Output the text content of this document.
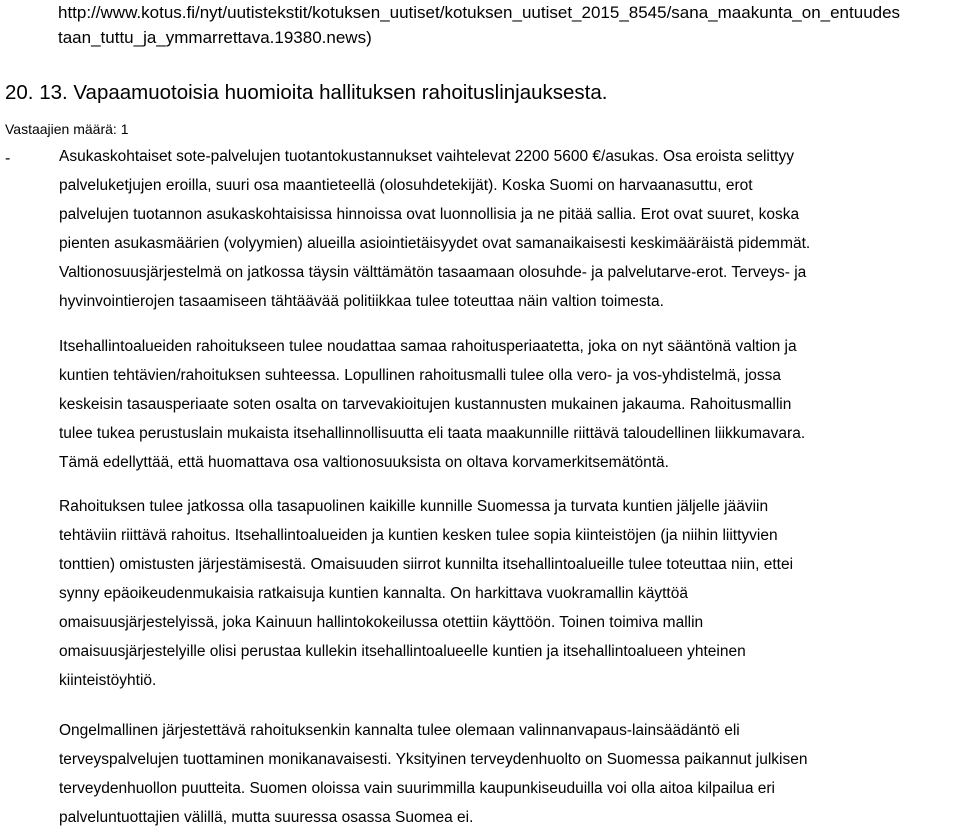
http://www.kotus.fi/nyt/uutistekstit/kotuksen_uutiset/kotuksen_uutiset_2015_8545/sana_maakunta_on_entuudes
taan_tuttu_ja_ymmarrettava.19380.news)
20. 13. Vapaamuotoisia huomioita hallituksen rahoituslinjauksesta.
Vastaajien määrä: 1
-	Asukaskohtaiset sote-palvelujen tuotantokustannukset vaihtelevat 2200 5600 €/asukas. Osa eroista selittyy
palveluketjujen eroilla, suuri osa maantieteellä (olosuhdetekijät). Koska Suomi on harvaanasuttu, erot
palvelujen tuotannon asukaskohtaisissa hinnoissa ovat luonnollisia ja ne pitää sallia. Erot ovat suuret, koska
pienten asukasmäärien (volyymien) alueilla asiointietäisyydet ovat samanaikaisesti keskimääräistä pidemmät.
Valtionosuusjärjestelmä on jatkossa täysin välttämätön tasaamaan olosuhde- ja palvelutarve-erot. Terveys- ja
hyvinvointierojen tasaamiseen tähtäävää politiikkaa tulee toteuttaa näin valtion toimesta.
Itsehallintoalueiden rahoitukseen tulee noudattaa samaa rahoitusperiaatetta, joka on nyt sääntönä valtion ja
kuntien tehtävien/rahoituksen suhteessa. Lopullinen rahoitusmalli tulee olla vero- ja vos-yhdistelmä, jossa
keskeisin tasausperiaate soten osalta on tarvevakioitujen kustannusten mukainen jakauma. Rahoitusmallin
tulee tukea perustuslain mukaista itsehallinnollisuutta eli taata maakunnille riittävä taloudellinen liikkumavara.
Tämä edellyttää, että huomattava osa valtionosuuksista on oltava korvamerkitsemätöntä.
Rahoituksen tulee jatkossa olla tasapuolinen kaikille kunnille Suomessa ja turvata kuntien jäljelle jääviin
tehtäviin riittävä rahoitus. Itsehallintoalueiden ja kuntien kesken tulee sopia kiinteistöjen (ja niihin liittyvien
tonttien) omistusten järjestämisestä. Omaisuuden siirrot kunnilta itsehallintoalueille tulee toteuttaa niin, ettei
synny epäoikeudenmukaisia ratkaisuja kuntien kannalta. On harkittava vuokramallin käyttöä
omaisuusjärjestelyissä, joka Kainuun hallintokokeilussa otettiin käyttöön. Toinen toimiva mallin
omaisuusjärjestelyille olisi perustaa kullekin itsehallintoalueelle kuntien ja itsehallintoalueen yhteinen
kiinteistöyhtiö.
Ongelmallinen järjestettävä rahoituksenkin kannalta tulee olemaan valinnanvapaus-lainsäädäntö eli
terveyspalvelujen tuottaminen monikanavaisesti. Yksityinen terveydenhuolto on Suomessa paikannut julkisen
terveydenhuollon puutteita. Suomen oloissa vain suurimmilla kaupunkiseuduilla voi olla aitoa kilpailua eri
palveluntuottajien välillä, mutta suuressa osassa Suomea ei.
